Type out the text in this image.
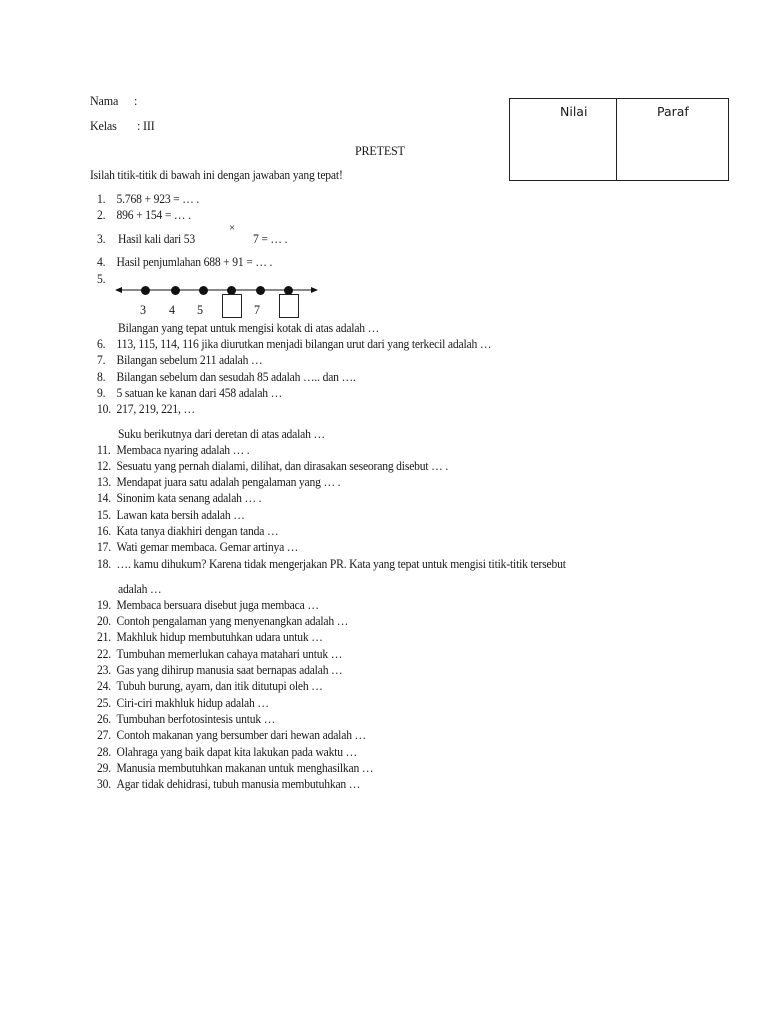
Nama :
Kelas : III
PRETEST
Isilah titik-titik di bawah ini dengan jawaban yang tepat!
Nilai	Paraf
1. 5.768 + 923 = … .
2. 896 + 154 = … .
3. Hasil kali dari 53
×
7 = … .
4. Hasil penjumlahan 688 + 91 = … .
5.
3 4 5	7
Bilangan yang tepat untuk mengisi kotak di atas adalah …
6. 113, 115, 114, 116 jika diurutkan menjadi bilangan urut dari yang terkecil adalah …
7. Bilangan sebelum 211 adalah …
8. Bilangan sebelum dan sesudah 85 adalah ….. dan ….
9. 5 satuan ke kanan dari 458 adalah …
10. 217, 219, 221, …
Suku berikutnya dari deretan di atas adalah …
11. Membaca nyaring adalah … .
12. Sesuatu yang pernah dialami, dilihat, dan dirasakan seseorang disebut … .
13. Mendapat juara satu adalah pengalaman yang … .
14. Sinonim kata senang adalah … .
15. Lawan kata bersih adalah …
16. Kata tanya diakhiri dengan tanda …
17. Wati gemar membaca. Gemar artinya …
18. …. kamu dihukum? Karena tidak mengerjakan PR. Kata yang tepat untuk mengisi titik-titik tersebut
adalah …
19. Membaca bersuara disebut juga membaca …
20. Contoh pengalaman yang menyenangkan adalah …
21. Makhluk hidup membutuhkan udara untuk …
22. Tumbuhan memerlukan cahaya matahari untuk …
23. Gas yang dihirup manusia saat bernapas adalah …
24. Tubuh burung, ayam, dan itik ditutupi oleh …
25. Ciri-ciri makhluk hidup adalah …
26. Tumbuhan berfotosintesis untuk …
27. Contoh makanan yang bersumber dari hewan adalah …
28. Olahraga yang baik dapat kita lakukan pada waktu …
29. Manusia membutuhkan makanan untuk menghasilkan …
30. Agar tidak dehidrasi, tubuh manusia membutuhkan …
